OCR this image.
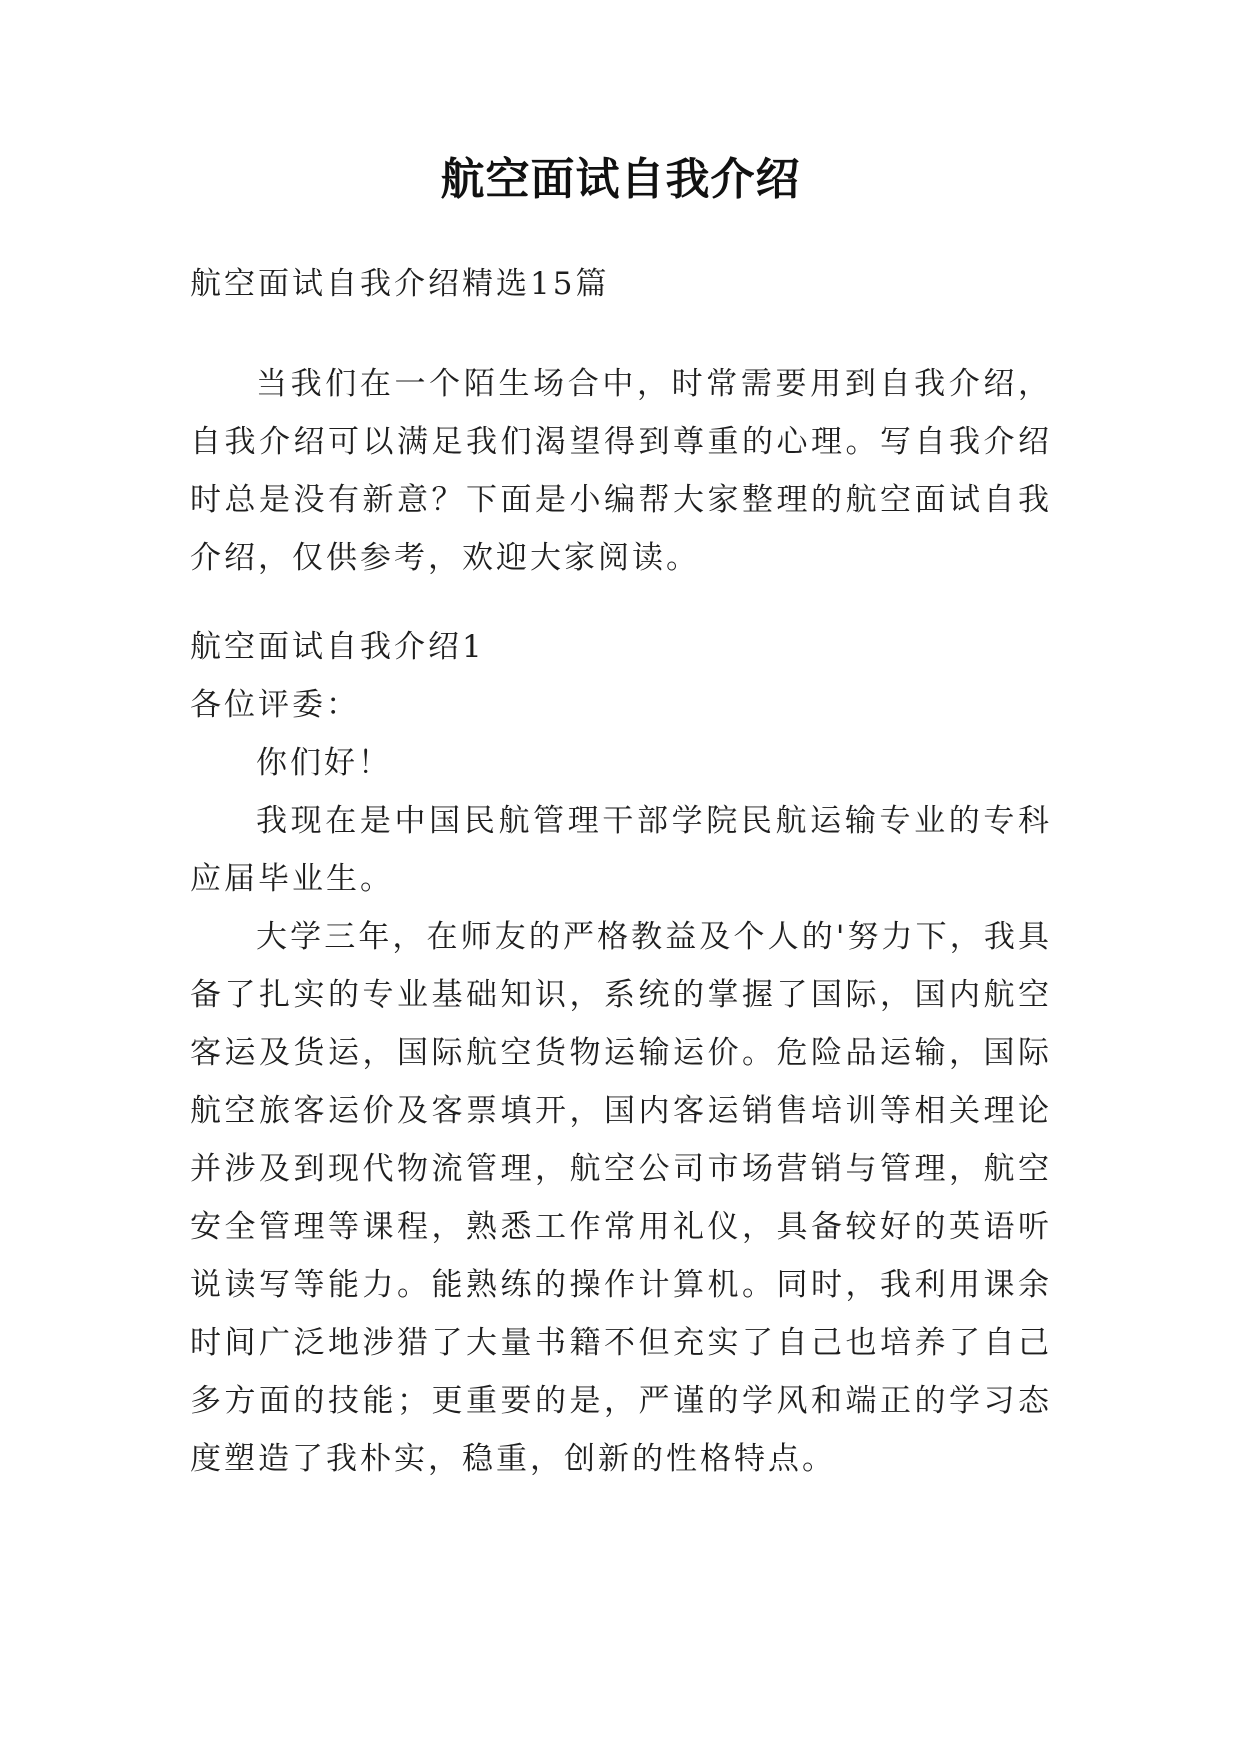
航空面试自我介绍
航空面试自我介绍精选15篇
当我们在一个陌生场合中，时常需要用到自我介绍，自我介绍可以满足我们渴望得到尊重的心理。写自我介绍时总是没有新意？下面是小编帮大家整理的航空面试自我介绍，仅供参考，欢迎大家阅读。
航空面试自我介绍1
各位评委：
你们好！
我现在是中国民航管理干部学院民航运输专业的专科应届毕业生。
大学三年，在师友的严格教益及个人的'努力下，我具备了扎实的专业基础知识，系统的掌握了国际，国内航空客运及货运，国际航空货物运输运价。危险品运输，国际航空旅客运价及客票填开，国内客运销售培训等相关理论并涉及到现代物流管理，航空公司市场营销与管理，航空安全管理等课程，熟悉工作常用礼仪，具备较好的英语听说读写等能力。能熟练的操作计算机。同时，我利用课余时间广泛地涉猎了大量书籍不但充实了自己也培养了自己多方面的技能；更重要的是，严谨的学风和端正的学习态度塑造了我朴实，稳重，创新的性格特点。
